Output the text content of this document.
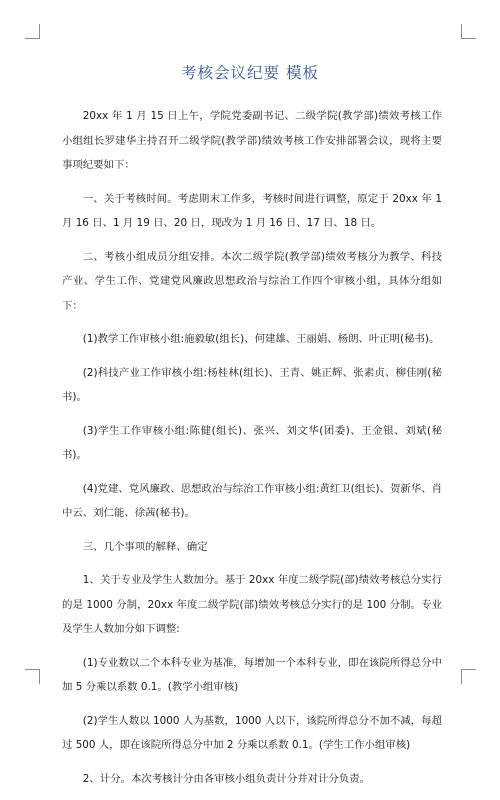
考核会议纪要 模板

20xx 年 1 月 15 日上午，学院党委副书记、二级学院(教学部)绩效考核工作小组组长罗建华主持召开二级学院(教学部)绩效考核工作安排部署会议，现将主要事项纪要如下：

一、关于考核时间。考虑期末工作多，考核时间进行调整，原定于 20xx 年 1 月 16 日、1 月 19 日、20 日，现改为 1 月 16 日、17 日、18 日。

二、考核小组成员分组安排。本次二级学院(教学部)绩效考核分为教学、科技产业、学生工作、党建党风廉政思想政治与综治工作四个审核小组，具体分组如下：

(1)教学工作审核小组:施毅敏(组长)、何建雄、王丽娟、杨朗、叶正明(秘书)。

(2)科技产业工作审核小组:杨桂林(组长)、王青、姚正辉、张素贞、柳佳刚(秘书)。

(3)学生工作审核小组:陈健(组长)、张兴、刘文华(团委)、王金银、刘斌(秘书)。

(4)党建、党风廉政、思想政治与综治工作审核小组:黄红卫(组长)、贺新华、肖中云、刘仁能、徐茜(秘书)。

三、几个事项的解释、确定

1、关于专业及学生人数加分。基于 20xx 年度二级学院(部)绩效考核总分实行的是 1000 分制，20xx 年度二级学院(部)绩效考核总分实行的是 100 分制。专业及学生人数加分如下调整:

(1)专业数以二个本科专业为基准，每增加一个本科专业，即在该院所得总分中加 5 分乘以系数 0.1。(教学小组审核)

(2)学生人数以 1000 人为基数，1000 人以下，该院所得总分不加不减，每超过 500 人，即在该院所得总分中加 2 分乘以系数 0.1。(学生工作小组审核)

2、计分。本次考核计分由各审核小组负责计分并对计分负责。
